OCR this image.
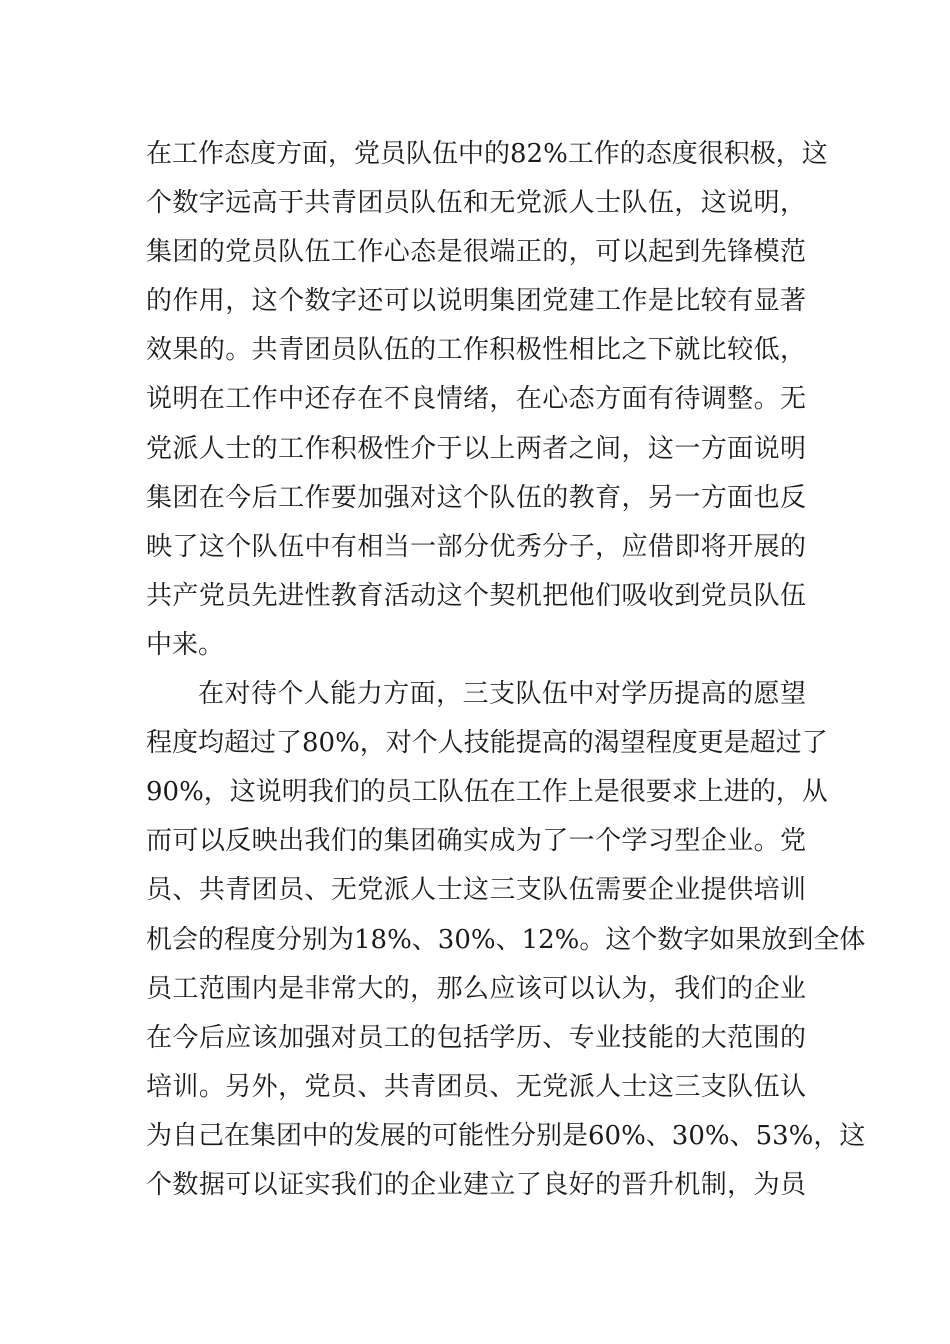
在工作态度方面，党员队伍中的82%工作的态度很积极，这
个数字远高于共青团员队伍和无党派人士队伍，这说明，
集团的党员队伍工作心态是很端正的，可以起到先锋模范
的作用，这个数字还可以说明集团党建工作是比较有显著
效果的。共青团员队伍的工作积极性相比之下就比较低，
说明在工作中还存在不良情绪，在心态方面有待调整。无
党派人士的工作积极性介于以上两者之间，这一方面说明
集团在今后工作要加强对这个队伍的教育，另一方面也反
映了这个队伍中有相当一部分优秀分子，应借即将开展的
共产党员先进性教育活动这个契机把他们吸收到党员队伍
中来。
在对待个人能力方面，三支队伍中对学历提高的愿望
程度均超过了80%，对个人技能提高的渴望程度更是超过了
90%，这说明我们的员工队伍在工作上是很要求上进的，从
而可以反映出我们的集团确实成为了一个学习型企业。党
员、共青团员、无党派人士这三支队伍需要企业提供培训
机会的程度分别为18%、30%、12%。这个数字如果放到全体
员工范围内是非常大的，那么应该可以认为，我们的企业
在今后应该加强对员工的包括学历、专业技能的大范围的
培训。另外，党员、共青团员、无党派人士这三支队伍认
为自己在集团中的发展的可能性分别是60%、30%、53%，这
个数据可以证实我们的企业建立了良好的晋升机制，为员
